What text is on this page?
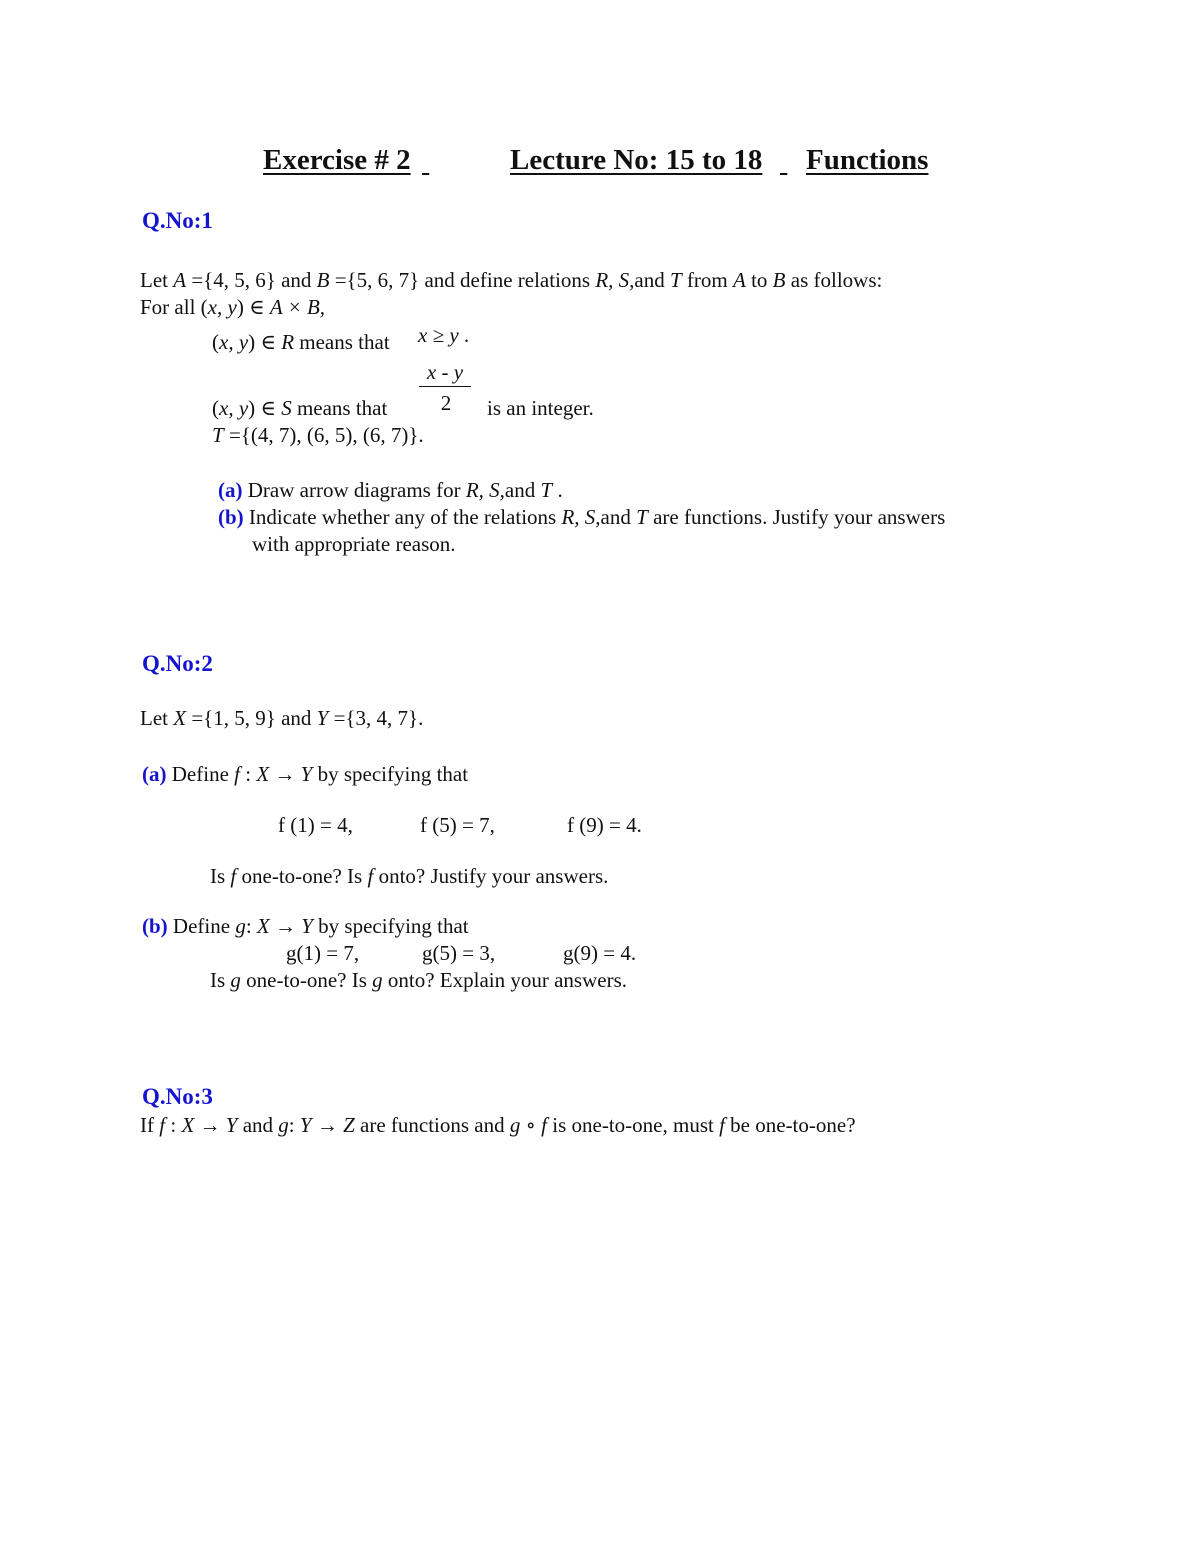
Exercise # 2
	Lecture No: 15 to 18
Functions
Q.No:1
Let A ={4, 5, 6} and B ={5, 6, 7} and define relations R, S,and T from A to B as follows:
For all (x, y) ∈ A × B,
(x, y) ∈ R means that x ≥ y .
(x, y) ∈ S means that
x - y
2	is an integer.
T ={(4, 7), (6, 5), (6, 7)}.
(a) Draw arrow diagrams for R, S,and T .
(b) Indicate whether any of the relations R, S,and T are functions. Justify your answers
with appropriate reason.
Q.No:2
Let X ={1, 5, 9} and Y ={3, 4, 7}.
(a) Define f : X → Y by specifying that
f (1) = 4,	f (5) = 7,	f (9) = 4.
Is f one-to-one? Is f onto? Justify your answers.
(b) Define g: X → Y by specifying that
g(1) = 7,	g(5) = 3,	g(9) = 4.
Is g one-to-one? Is g onto? Explain your answers.
Q.No:3
If f : X → Y and g: Y → Z are functions and g ∘ f is one-to-one, must f be one-to-one?
